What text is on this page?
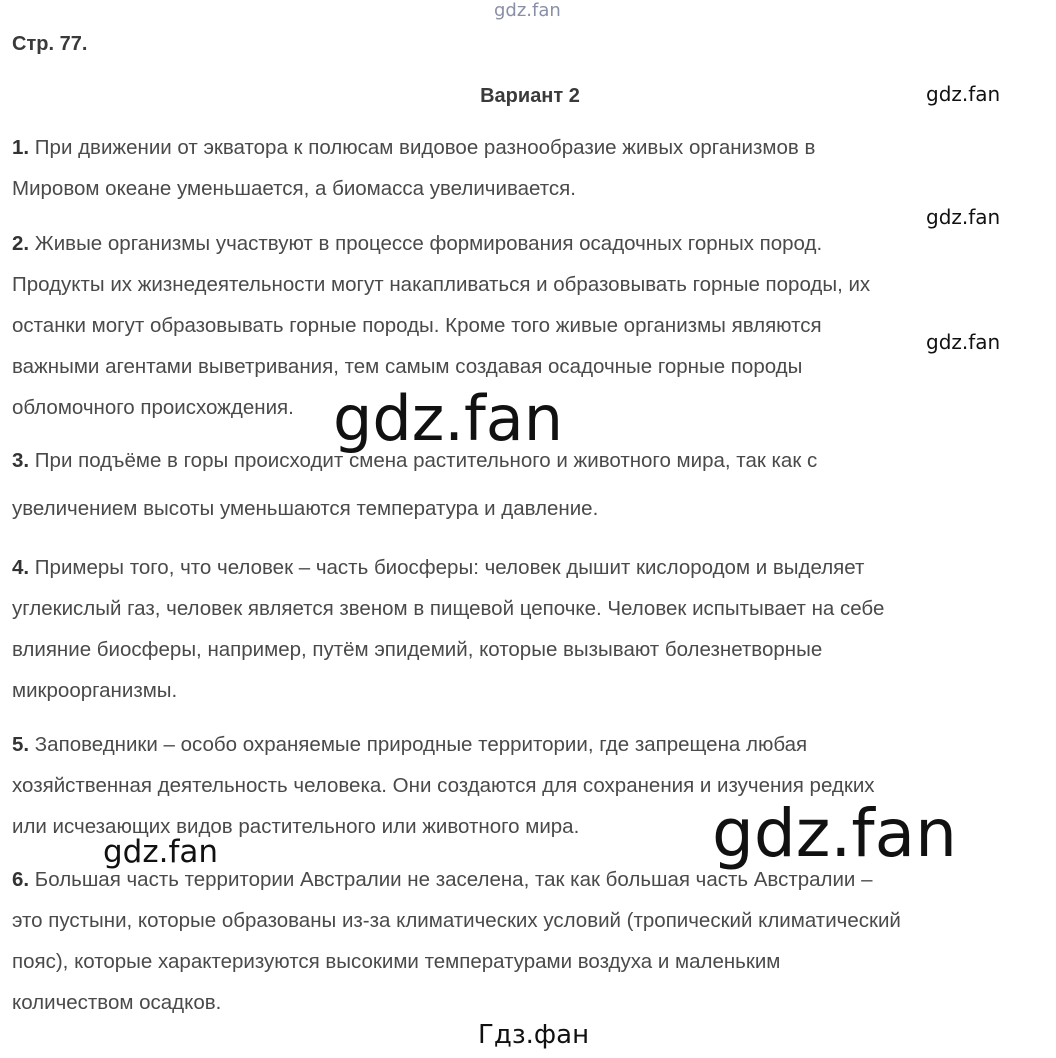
gdz.fan
Стр. 77.
Вариант 2	gdz.fan
1. При движении от экватора к полюсам видовое разнообразие живых организмов в
Мировом океане уменьшается, а биомасса увеличивается.
gdz.fan
2. Живые организмы участвуют в процессе формирования осадочных горных пород.
Продукты их жизнедеятельности могут накапливаться и образовывать горные породы, их
останки могут образовывать горные породы. Кроме того живые организмы являются
важными агентами выветривания, тем самым создавая осадочные горные породы
обломочного происхождения.
gdz.fan
3. При подъёме в горы происходит смена растительного и животного мира, так как с
увеличением высоты уменьшаются температура и давление.
4. Примеры того, что человек – часть биосферы: человек дышит кислородом и выделяет
углекислый газ, человек является звеном в пищевой цепочке. Человек испытывает на себе
влияние биосферы, например, путём эпидемий, которые вызывают болезнетворные
микроорганизмы.
5. Заповедники – особо охраняемые природные территории, где запрещена любая
хозяйственная деятельность человека. Они создаются для сохранения и изучения редких
или исчезающих видов растительного или животного мира.
6. Большая часть территории Австралии не заселена, так как большая часть Австралии –
это пустыни, которые образованы из-за климатических условий (тропический климатический
пояс), которые характеризуются высокими температурами воздуха и маленьким
количеством осадков.
gdz.fan
gdz.fan
gdz.fan
Гдз.фан
